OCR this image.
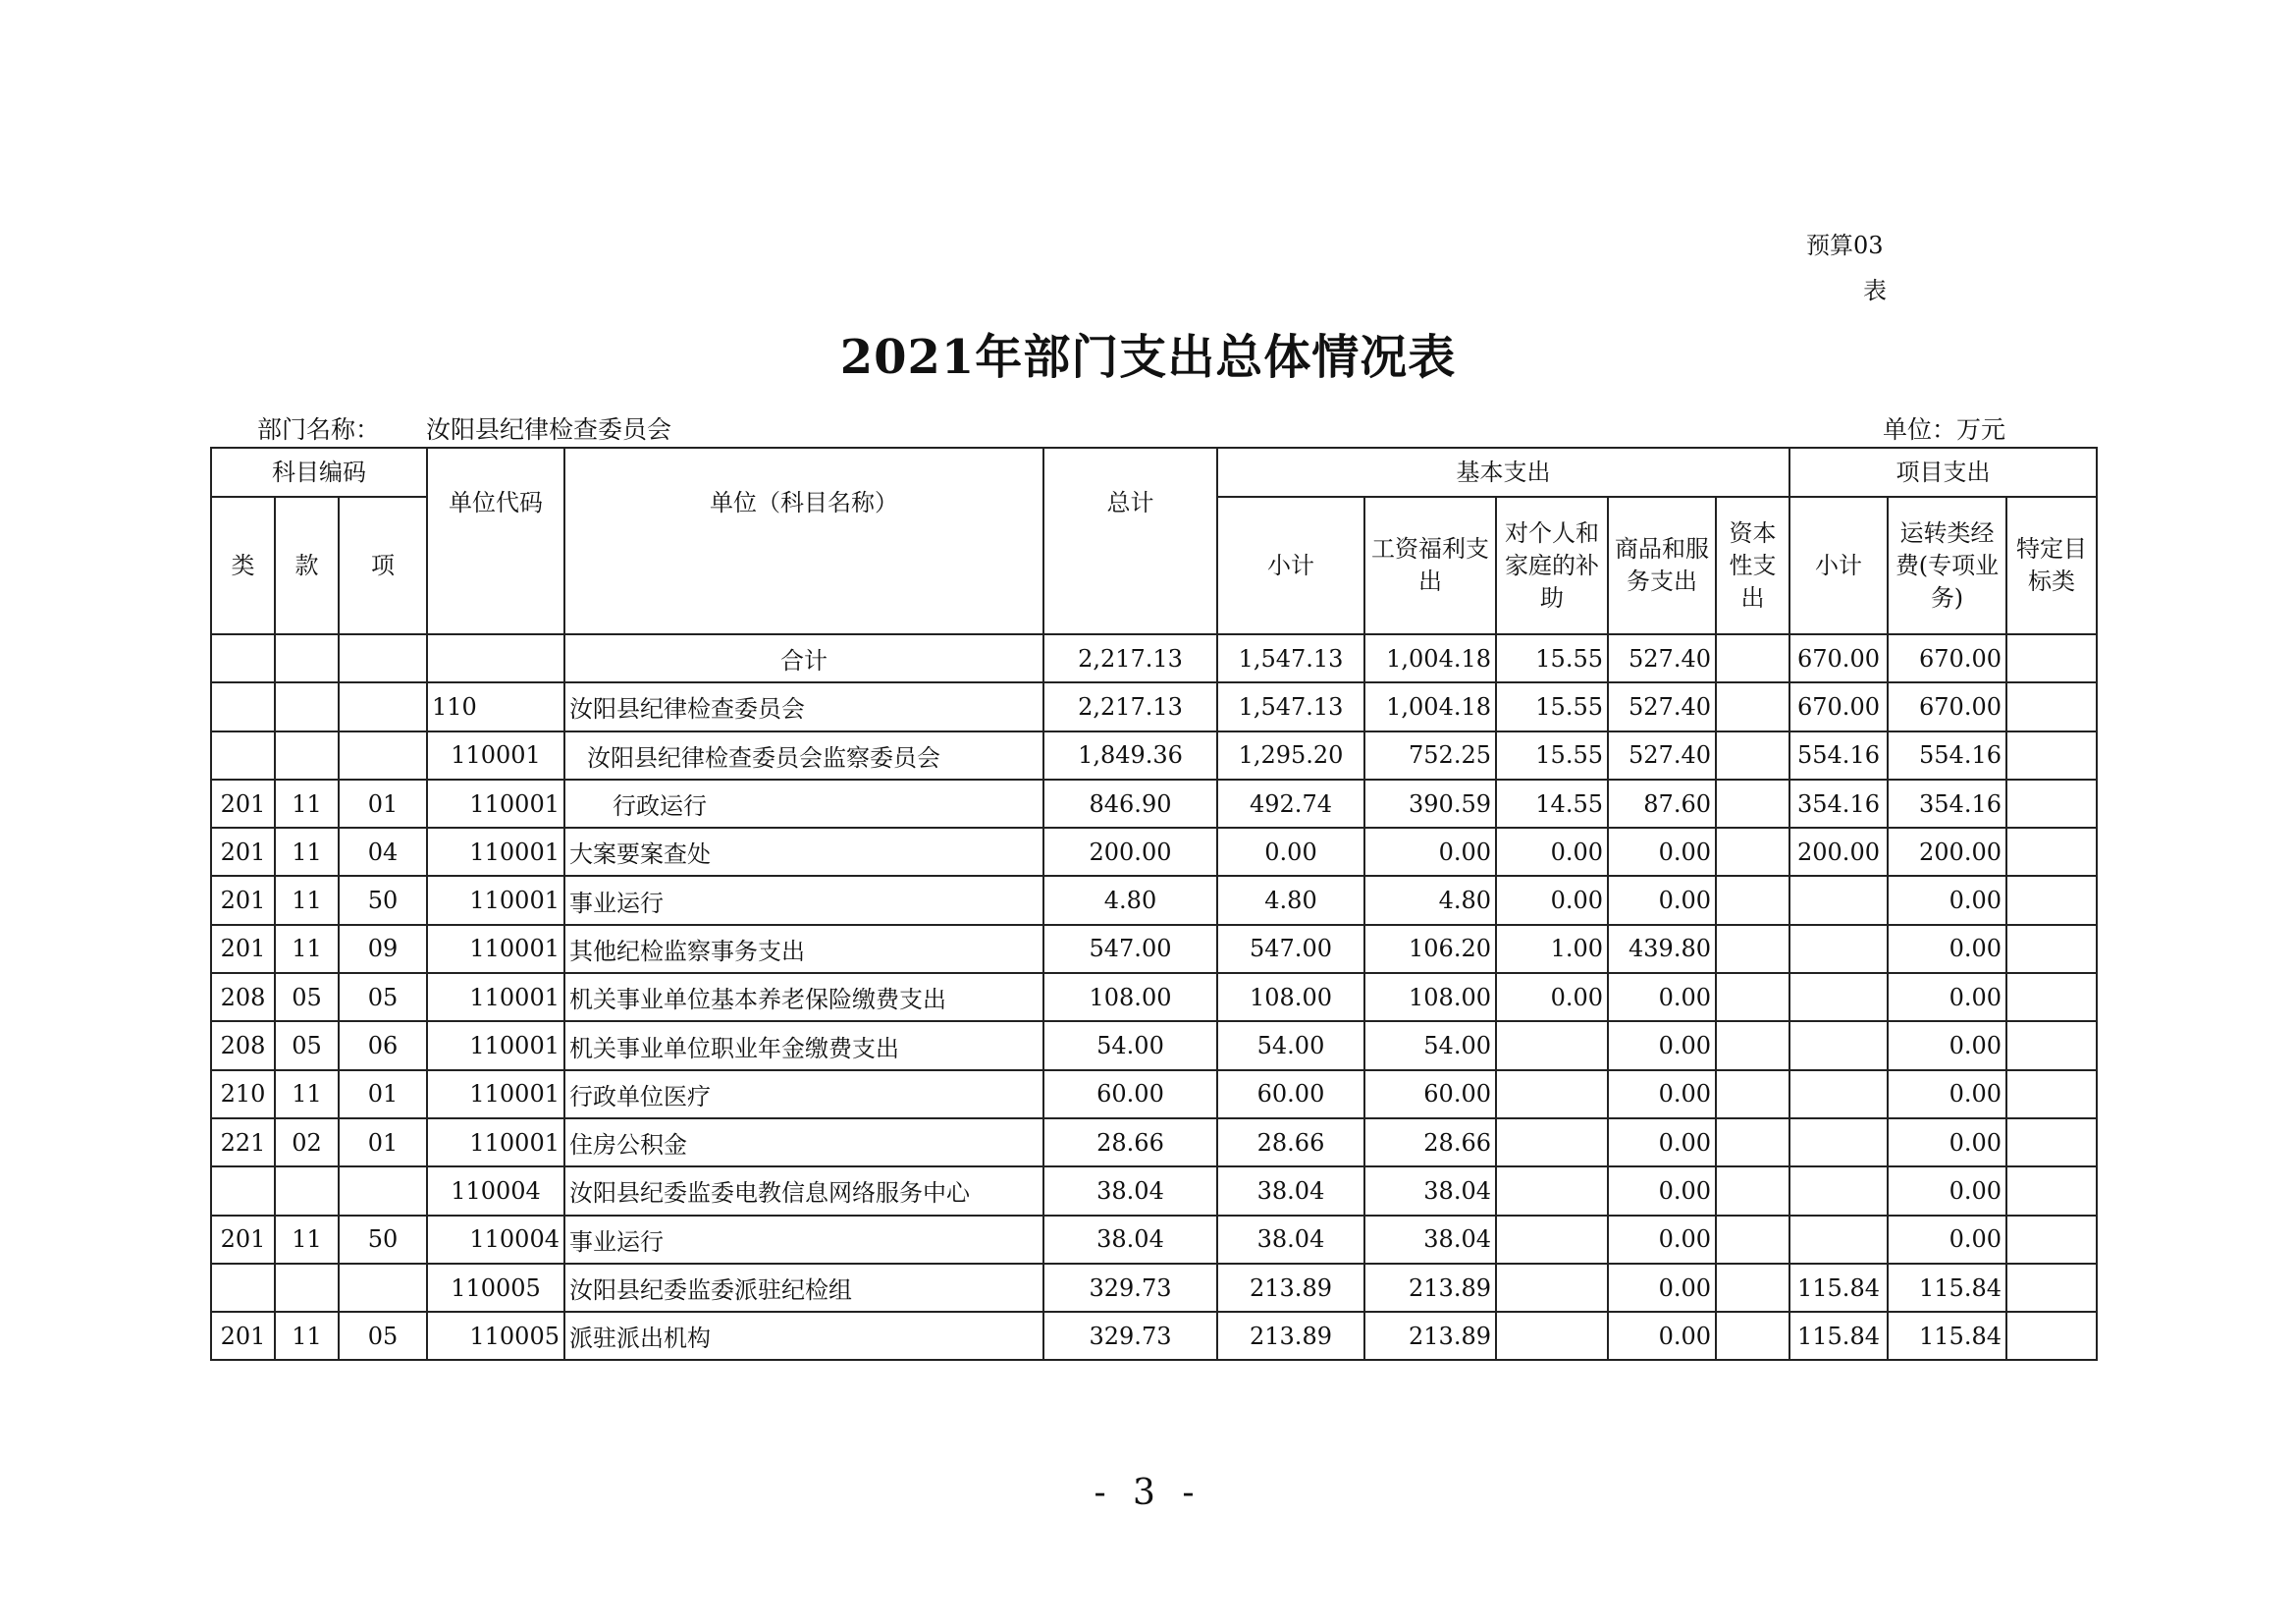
预算03
表
2021年部门支出总体情况表
部门名称： 汝阳县纪律检查委员会	单位：万元
科目编码			单位代码	单位（科目名称）	总计	基本支出					项目支出		
类	款	项				小计	工资福利支出	对个人和家庭的补助	商品和服务支出	资本性支出	小计	运转类经费(专项业务)	特定目标类
				合计	2,217.13	1,547.13	1,004.18	15.55	527.40		670.00	670.00	
			110	汝阳县纪律检查委员会	2,217.13	1,547.13	1,004.18	15.55	527.40		670.00	670.00	
			110001	汝阳县纪律检查委员会监察委员会	1,849.36	1,295.20	752.25	15.55	527.40		554.16	554.16	
201	11	01	110001	行政运行	846.90	492.74	390.59	14.55	87.60		354.16	354.16	
201	11	04	110001	大案要案查处	200.00	0.00	0.00	0.00	0.00		200.00	200.00	
201	11	50	110001	事业运行	4.80	4.80	4.80	0.00	0.00			0.00	
201	11	09	110001	其他纪检监察事务支出	547.00	547.00	106.20	1.00	439.80			0.00	
208	05	05	110001	机关事业单位基本养老保险缴费支出	108.00	108.00	108.00	0.00	0.00			0.00	
208	05	06	110001	机关事业单位职业年金缴费支出	54.00	54.00	54.00		0.00			0.00	
210	11	01	110001	行政单位医疗	60.00	60.00	60.00		0.00			0.00	
221	02	01	110001	住房公积金	28.66	28.66	28.66		0.00			0.00	
			110004	汝阳县纪委监委电教信息网络服务中心	38.04	38.04	38.04		0.00			0.00	
201	11	50	110004	事业运行	38.04	38.04	38.04		0.00			0.00	
			110005	汝阳县纪委监委派驻纪检组	329.73	213.89	213.89		0.00		115.84	115.84	
201	11	05	110005	派驻派出机构	329.73	213.89	213.89		0.00		115.84	115.84	
- 3 -
